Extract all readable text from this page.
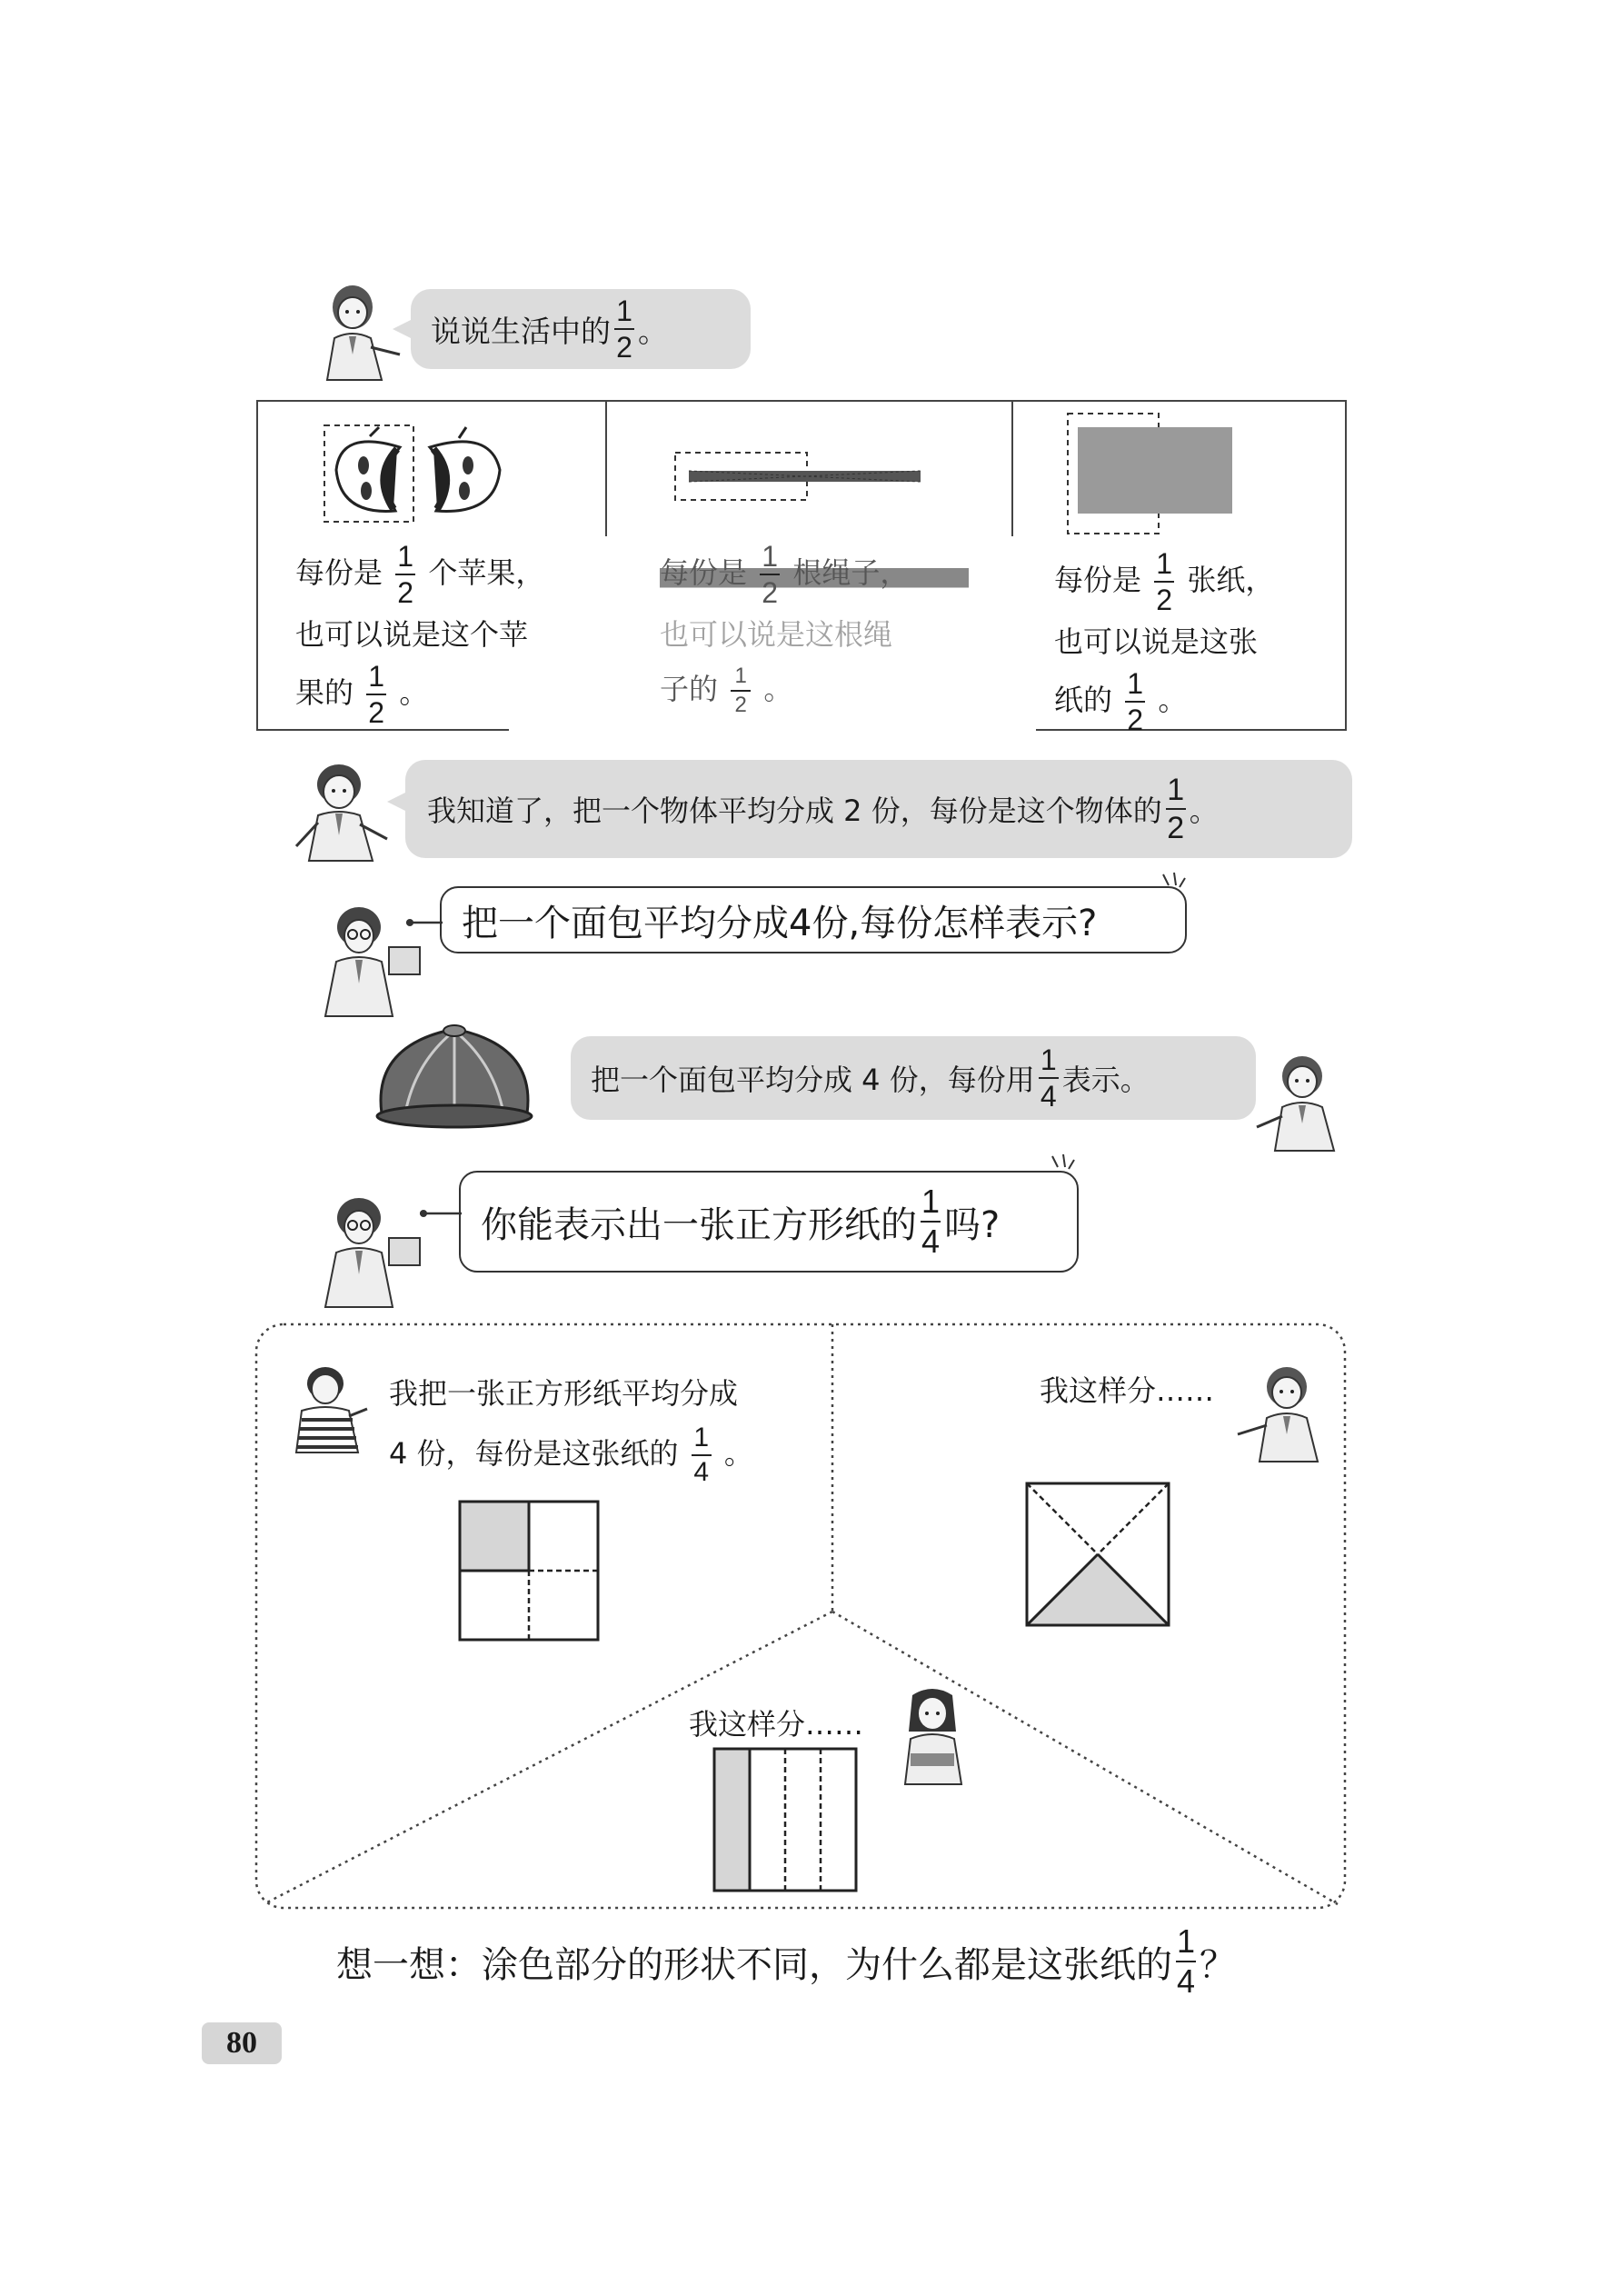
说说生活中的 $\frac{1}{2}$ 。
每份是 $\frac{1}{2}$ 个苹果，
也可以说是这个苹
果的 $\frac{1}{2}$ 。
每份是 $\frac{1}{2}$ 根绳子，
也可以说是这根绳
子的 $\frac{1}{2}$ 。
每份是 $\frac{1}{2}$ 张纸，
也可以说是这张
纸的 $\frac{1}{2}$ 。
我知道了，把一个物体平均分成 2 份，每份是这个物体的 $\frac{1}{2}$ 。
把一个面包平均分成4份,每份怎样表示?
把一个面包平均分成 4 份，每份用 $\frac{1}{4}$ 表示。
你能表示出一张正方形纸的 $\frac{1}{4}$ 吗?
我把一张正方形纸平均分成
4 份，每份是这张纸的 $\frac{1}{4}$ 。
我这样分……
我这样分……
想一想：涂色部分的形状不同，为什么都是这张纸的 $\frac{1}{4}$ ？
80
